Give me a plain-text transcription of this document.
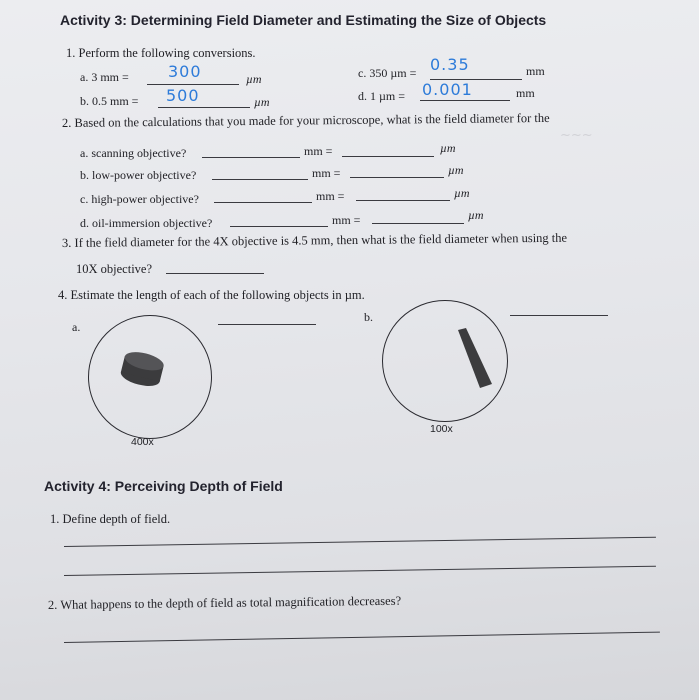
~~~
Activity 3: Determining Field Diameter and Estimating the Size of Objects
1. Perform the following conversions.
a. 3 mm = 300	µm
b. 0.5 mm = 500	µm
c. 350 µm = 0.35	mm
d. 1 µm = 0.001	mm
2. Based on the calculations that you made for your microscope, what is the field diameter for the
a. scanning objective?	mm =	µm
b. low-power objective?	mm =	µm
c. high-power objective?	mm =	µm
d. oil-immersion objective?	mm =	µm
3. If the field diameter for the 4X objective is 4.5 mm, then what is the field diameter when using the
10X objective?
4. Estimate the length of each of the following objects in µm.
a.
b.
400x
100x
Activity 4: Perceiving Depth of Field
1. Define depth of field.
2. What happens to the depth of field as total magnification decreases?
